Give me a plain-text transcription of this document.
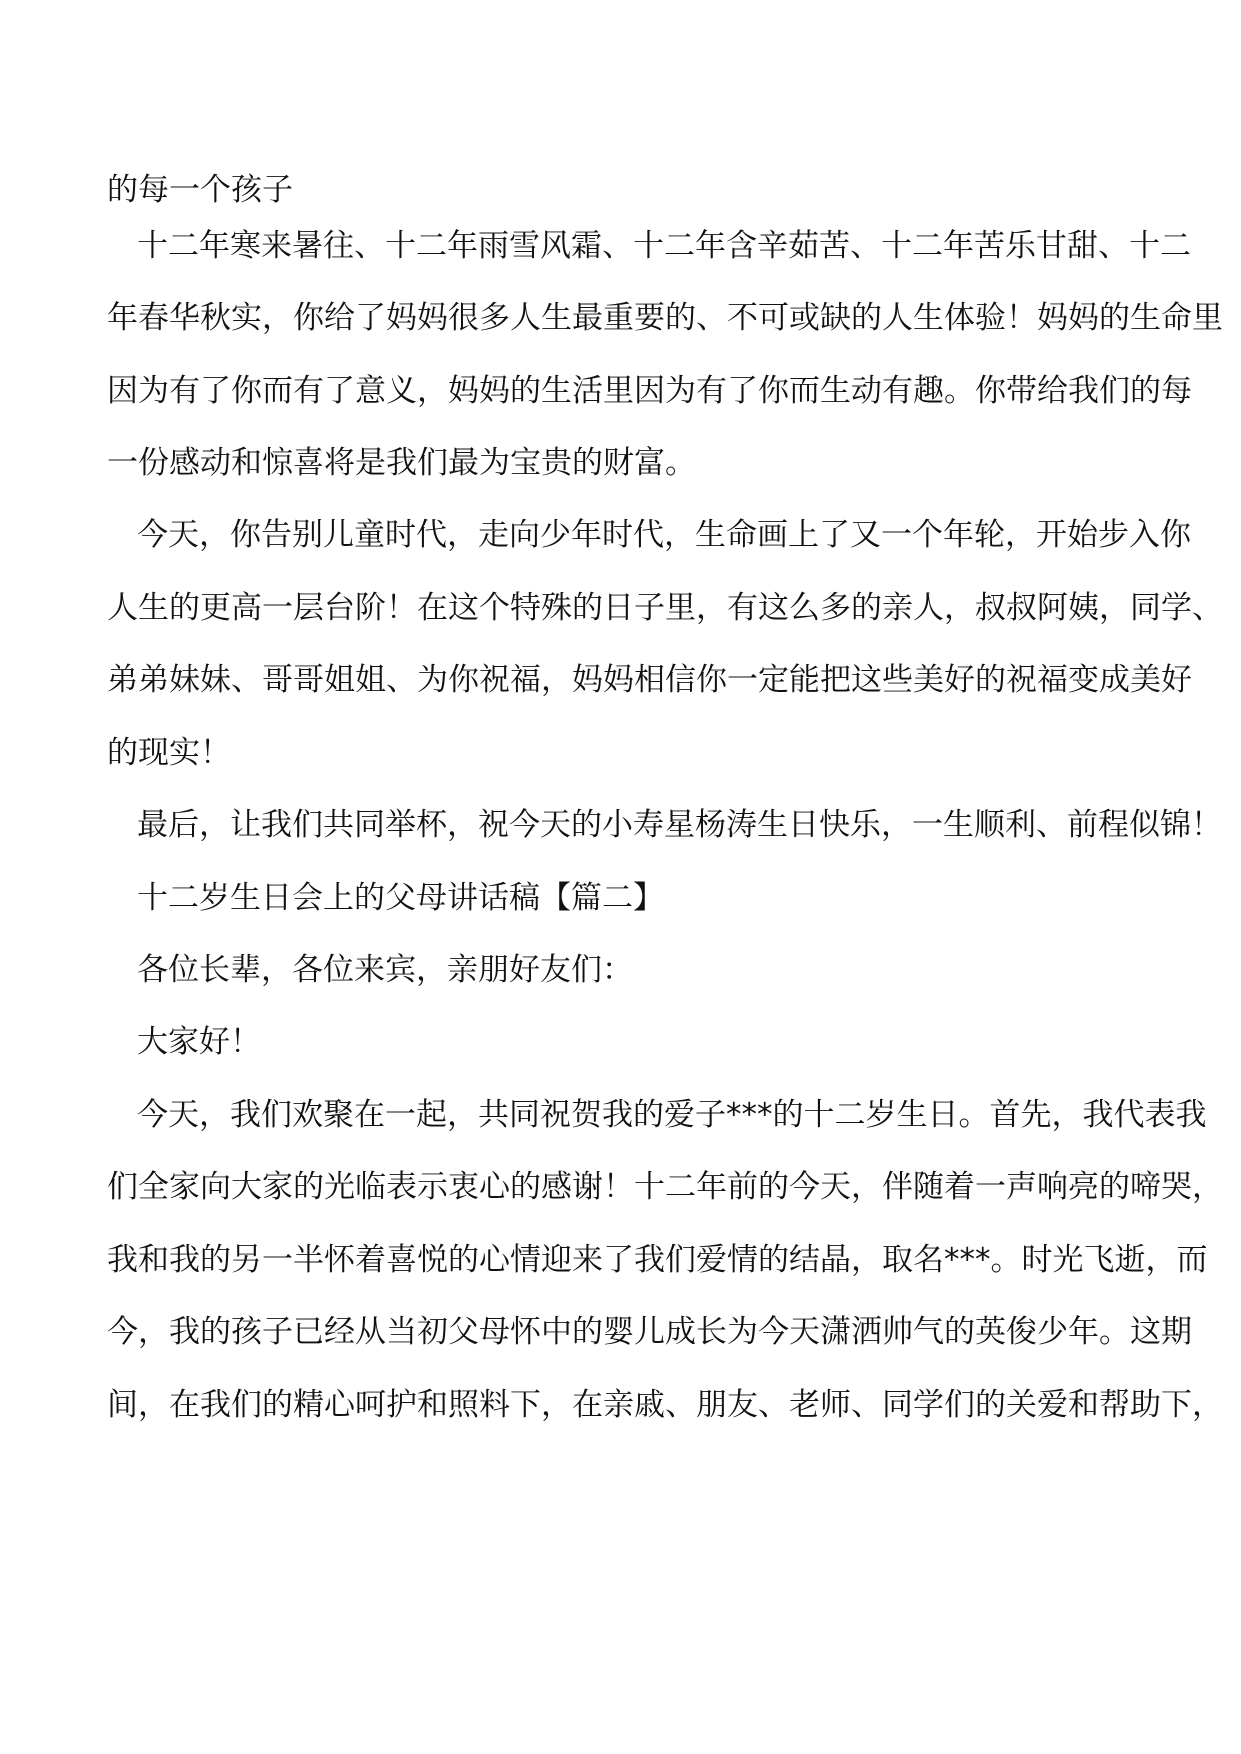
的每一个孩子

十二年寒来暑往、十二年雨雪风霜、十二年含辛茹苦、十二年苦乐甘甜、十二

年春华秋实，你给了妈妈很多人生最重要的、不可或缺的人生体验！妈妈的生命里

因为有了你而有了意义，妈妈的生活里因为有了你而生动有趣。你带给我们的每

一份感动和惊喜将是我们最为宝贵的财富。

今天，你告别儿童时代，走向少年时代，生命画上了又一个年轮，开始步入你

人生的更高一层台阶！在这个特殊的日子里，有这么多的亲人，叔叔阿姨，同学、

弟弟妹妹、哥哥姐姐、为你祝福，妈妈相信你一定能把这些美好的祝福变成美好

的现实！

最后，让我们共同举杯，祝今天的小寿星杨涛生日快乐，一生顺利、前程似锦！

十二岁生日会上的父母讲话稿【篇二】

各位长辈，各位来宾，亲朋好友们：

大家好！

今天，我们欢聚在一起，共同祝贺我的爱子***的十二岁生日。首先，我代表我

们全家向大家的光临表示衷心的感谢！十二年前的今天，伴随着一声响亮的啼哭，

我和我的另一半怀着喜悦的心情迎来了我们爱情的结晶，取名***。时光飞逝，而

今，我的孩子已经从当初父母怀中的婴儿成长为今天潇洒帅气的英俊少年。这期

间，在我们的精心呵护和照料下，在亲戚、朋友、老师、同学们的关爱和帮助下，
